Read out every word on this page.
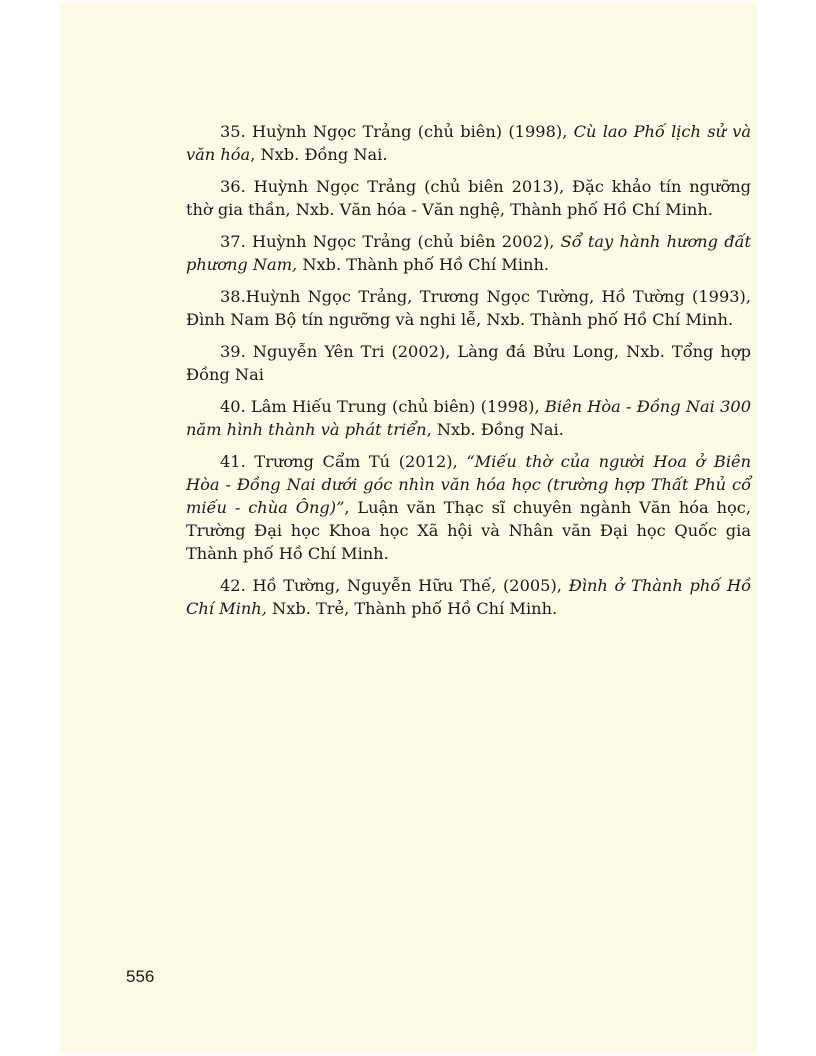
35. Huỳnh Ngọc Trảng (chủ biên) (1998), Cù lao Phố lịch sử và văn hóa, Nxb. Đồng Nai.

36. Huỳnh Ngọc Trảng (chủ biên 2013), Đặc khảo tín ngưỡng thờ gia thần, Nxb. Văn hóa - Văn nghệ, Thành phố Hồ Chí Minh.

37. Huỳnh Ngọc Trảng (chủ biên 2002), Sổ tay hành hương đất phương Nam, Nxb. Thành phố Hồ Chí Minh.

38.Huỳnh Ngọc Trảng, Trương Ngọc Tường, Hồ Tường (1993), Đình Nam Bộ tín ngưỡng và nghi lễ, Nxb. Thành phố Hồ Chí Minh.

39. Nguyễn Yên Tri (2002), Làng đá Bửu Long, Nxb. Tổng hợp Đồng Nai

40. Lâm Hiếu Trung (chủ biên) (1998), Biên Hòa - Đồng Nai 300 năm hình thành và phát triển, Nxb. Đồng Nai.

41. Trương Cẩm Tú (2012), “Miếu thờ của người Hoa ở Biên Hòa - Đồng Nai dưới góc nhìn văn hóa học (trường hợp Thất Phủ cổ miếu - chùa Ông)”, Luận văn Thạc sĩ chuyên ngành Văn hóa học, Trường Đại học Khoa học Xã hội và Nhân văn Đại học Quốc gia Thành phố Hồ Chí Minh.

42. Hồ Tường, Nguyễn Hữu Thế, (2005), Đình ở Thành phố Hồ Chí Minh, Nxb. Trẻ, Thành phố Hồ Chí Minh.

556
